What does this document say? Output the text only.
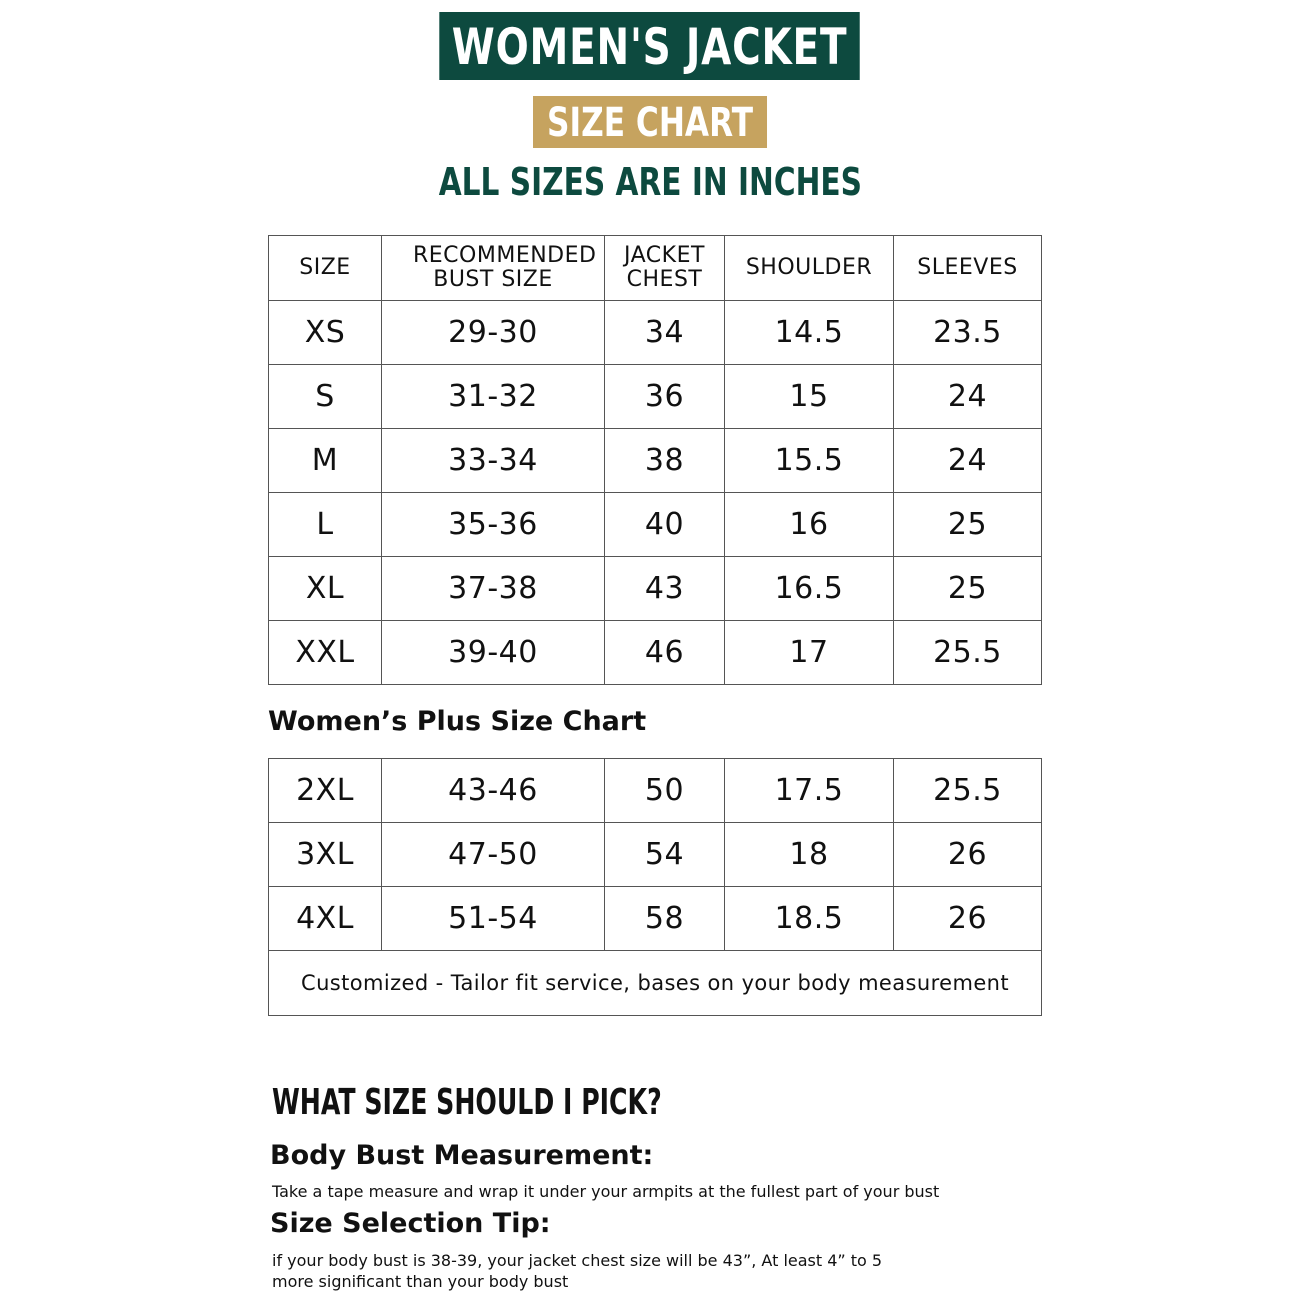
WOMEN'S JACKET
SIZE CHART
ALL SIZES ARE IN INCHES
SIZE	RECOMMENDED BUST SIZE	JACKET CHEST	SHOULDER	SLEEVES
XS	29-30	34	14.5	23.5
S	31-32	36	15	24
M	33-34	38	15.5	24
L	35-36	40	16	25
XL	37-38	43	16.5	25
XXL	39-40	46	17	25.5
Women’s Plus Size Chart
2XL	43-46	50	17.5	25.5
3XL	47-50	54	18	26
4XL	51-54	58	18.5	26
Customized - Tailor fit service, bases on your body measurement				
WHAT SIZE SHOULD I PICK?
Body Bust Measurement:
Take a tape measure and wrap it under your armpits at the fullest part of your bust
Size Selection Tip:
if your body bust is 38-39, your jacket chest size will be 43”, At least 4” to 5
more significant than your body bust
